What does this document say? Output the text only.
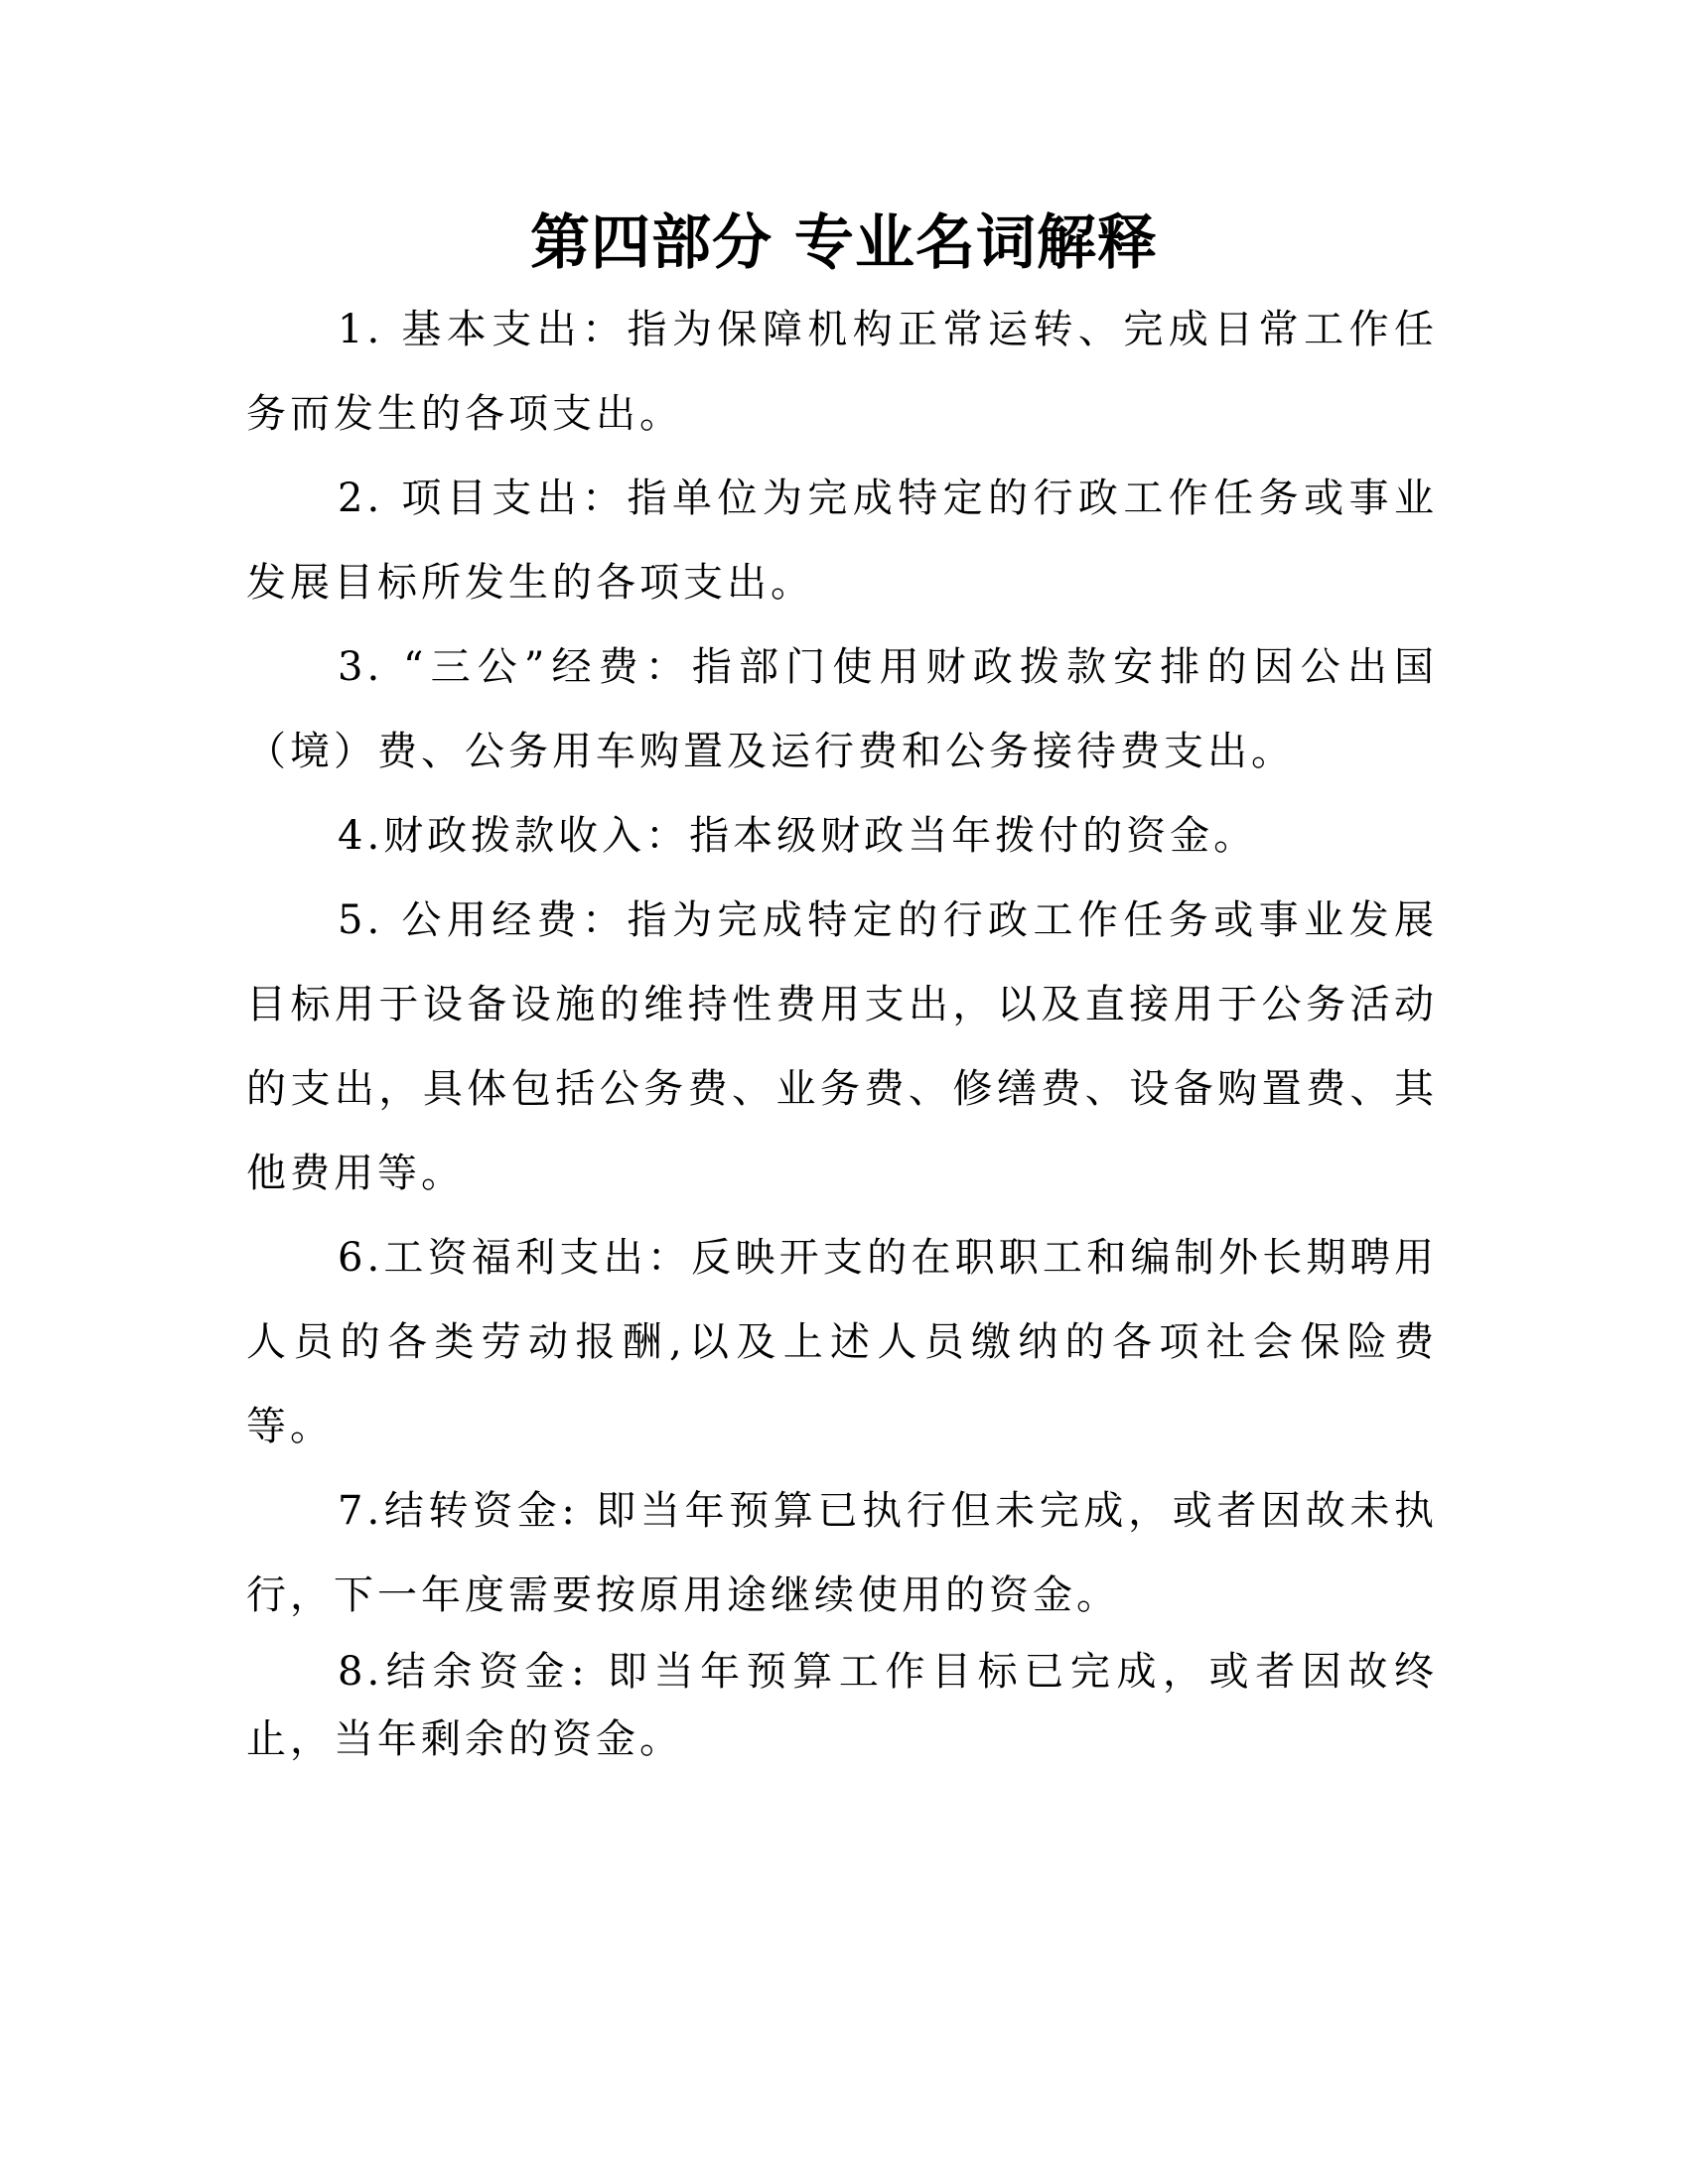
第四部分 专业名词解释

1. 基本支出：指为保障机构正常运转、完成日常工作任务而发生的各项支出。

2. 项目支出：指单位为完成特定的行政工作任务或事业发展目标所发生的各项支出。

3. “三公”经费：指部门使用财政拨款安排的因公出国（境）费、公务用车购置及运行费和公务接待费支出。

4.财政拨款收入：指本级财政当年拨付的资金。

5. 公用经费：指为完成特定的行政工作任务或事业发展目标用于设备设施的维持性费用支出，以及直接用于公务活动的支出，具体包括公务费、业务费、修缮费、设备购置费、其他费用等。

6.工资福利支出：反映开支的在职职工和编制外长期聘用人员的各类劳动报酬,以及上述人员缴纳的各项社会保险费等。

7.结转资金: 即当年预算已执行但未完成，或者因故未执行，下一年度需要按原用途继续使用的资金。

8.结余资金: 即当年预算工作目标已完成，或者因故终止，当年剩余的资金。
